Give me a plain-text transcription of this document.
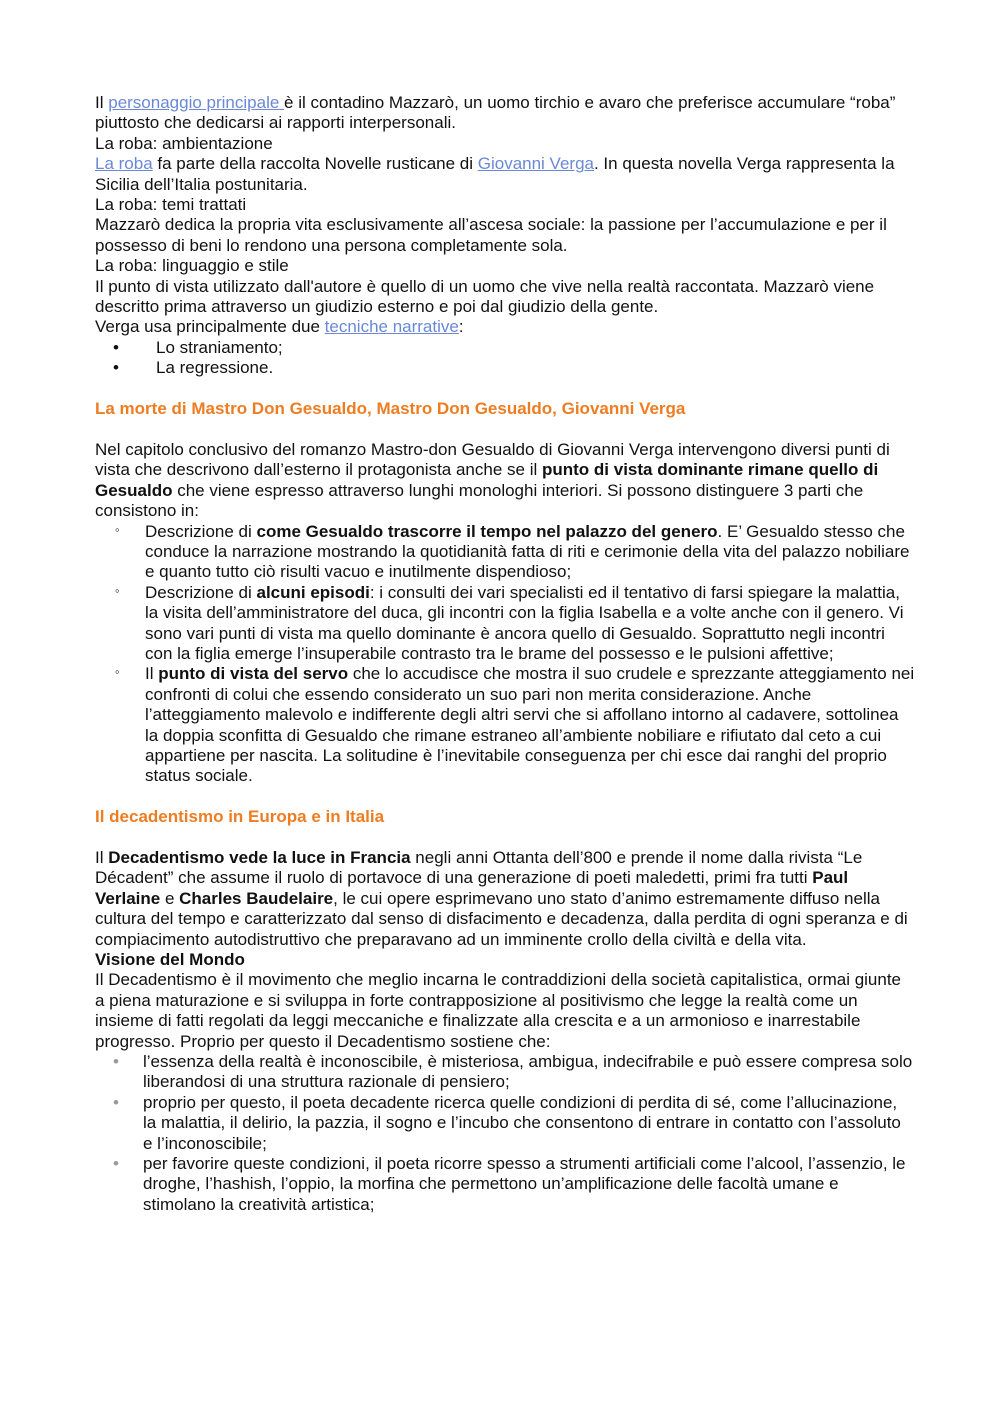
Il personaggio principale è il contadino Mazzarò, un uomo tirchio e avaro che preferisce accumulare “roba” piuttosto che dedicarsi ai rapporti interpersonali.

La roba: ambientazione

La roba fa parte della raccolta Novelle rusticane di Giovanni Verga. In questa novella Verga rappresenta la Sicilia dell’Italia postunitaria.

La roba: temi trattati

Mazzarò dedica la propria vita esclusivamente all’ascesa sociale: la passione per l’accumulazione e per il possesso di beni lo rendono una persona completamente sola.

La roba: linguaggio e stile

Il punto di vista utilizzato dall'autore è quello di un uomo che vive nella realtà raccontata. Mazzarò viene descritto prima attraverso un giudizio esterno e poi dal giudizio della gente.

Verga usa principalmente due tecniche narrative:

• Lo straniamento;
• La regressione.

La morte di Mastro Don Gesualdo, Mastro Don Gesualdo, Giovanni Verga

Nel capitolo conclusivo del romanzo Mastro-don Gesualdo di Giovanni Verga intervengono diversi punti di vista che descrivono dall’esterno il protagonista anche se il punto di vista dominante rimane quello di Gesualdo che viene espresso attraverso lunghi monologhi interiori. Si possono distinguere 3 parti che consistono in:

◦ Descrizione di come Gesualdo trascorre il tempo nel palazzo del genero. E’ Gesualdo stesso che conduce la narrazione mostrando la quotidianità fatta di riti e cerimonie della vita del palazzo nobiliare e quanto tutto ciò risulti vacuo e inutilmente dispendioso;
◦ Descrizione di alcuni episodi: i consulti dei vari specialisti ed il tentativo di farsi spiegare la malattia, la visita dell’amministratore del duca, gli incontri con la figlia Isabella e a volte anche con il genero. Vi sono vari punti di vista ma quello dominante è ancora quello di Gesualdo. Soprattutto negli incontri con la figlia emerge l’insuperabile contrasto tra le brame del possesso e le pulsioni affettive;
◦ Il punto di vista del servo che lo accudisce che mostra il suo crudele e sprezzante atteggiamento nei confronti di colui che essendo considerato un suo pari non merita considerazione. Anche l’atteggiamento malevolo e indifferente degli altri servi che si affollano intorno al cadavere, sottolinea la doppia sconfitta di Gesualdo che rimane estraneo all’ambiente nobiliare e rifiutato dal ceto a cui appartiene per nascita. La solitudine è l’inevitabile conseguenza per chi esce dai ranghi del proprio status sociale.

Il decadentismo in Europa e in Italia

Il Decadentismo vede la luce in Francia negli anni Ottanta dell’800 e prende il nome dalla rivista “Le Décadent” che assume il ruolo di portavoce di una generazione di poeti maledetti, primi fra tutti Paul Verlaine e Charles Baudelaire, le cui opere esprimevano uno stato d’animo estremamente diffuso nella cultura del tempo e caratterizzato dal senso di disfacimento e decadenza, dalla perdita di ogni speranza e di compiacimento autodistruttivo che preparavano ad un imminente crollo della civiltà e della vita.

Visione del Mondo

Il Decadentismo è il movimento che meglio incarna le contraddizioni della società capitalistica, ormai giunte a piena maturazione e si sviluppa in forte contrapposizione al positivismo che legge la realtà come un insieme di fatti regolati da leggi meccaniche e finalizzate alla crescita e a un armonioso e inarrestabile progresso. Proprio per questo il Decadentismo sostiene che:

• l’essenza della realtà è inconoscibile, è misteriosa, ambigua, indecifrabile e può essere compresa solo liberandosi di una struttura razionale di pensiero;
• proprio per questo, il poeta decadente ricerca quelle condizioni di perdita di sé, come l’allucinazione, la malattia, il delirio, la pazzia, il sogno e l’incubo che consentono di entrare in contatto con l’assoluto e l’inconoscibile;
• per favorire queste condizioni, il poeta ricorre spesso a strumenti artificiali come l’alcool, l’assenzio, le droghe, l’hashish, l’oppio, la morfina che permettono un’amplificazione delle facoltà umane e stimolano la creatività artistica;
